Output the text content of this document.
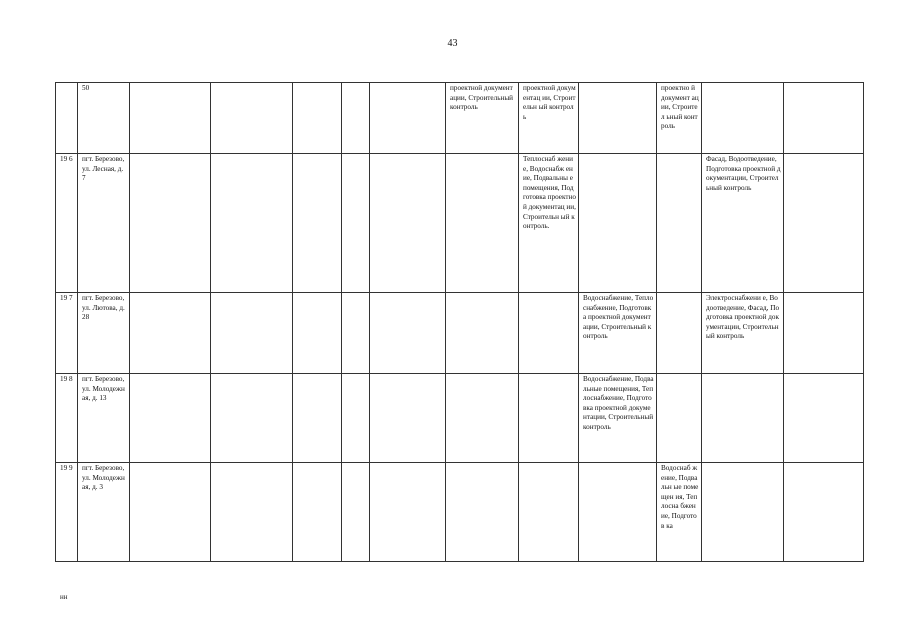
43
	50						проектной документации, Строительный контроль	проектной документац ии, Строительн ый контроль		проектно й документ ации, Строител ьный контроль		
19 6	пгт. Березово, ул. Лесная, д. 7							Теплоснаб жение, Водоснабж ение, Подвальны е помещения, Подготовка проектной документац ии, Строительн ый контроль.			Фасад, Водоотведение, Подготовка проектной документации, Строительный контроль	
19 7	пгт. Березово, ул. Лютова, д. 28								Водоснабжение, Теплоснабжение, Подготовка проектной документации, Строительный контроль		Электроснабжени е, Водоотведение, Фасад, Подготовка проектной документации, Строительный контроль	
19 8	пгт. Березово, ул. Молодежн ая, д. 13								Водоснабжение, Подвальные помещения, Теплоснабжение, Подготовка проектной документации, Строительный контроль			
19 9	пгт. Березово, ул. Молодежн ая, д. 3									Водоснаб жение, Подвальн ые помещен ия, Теплосна бжение, Подготов ка		
нн
